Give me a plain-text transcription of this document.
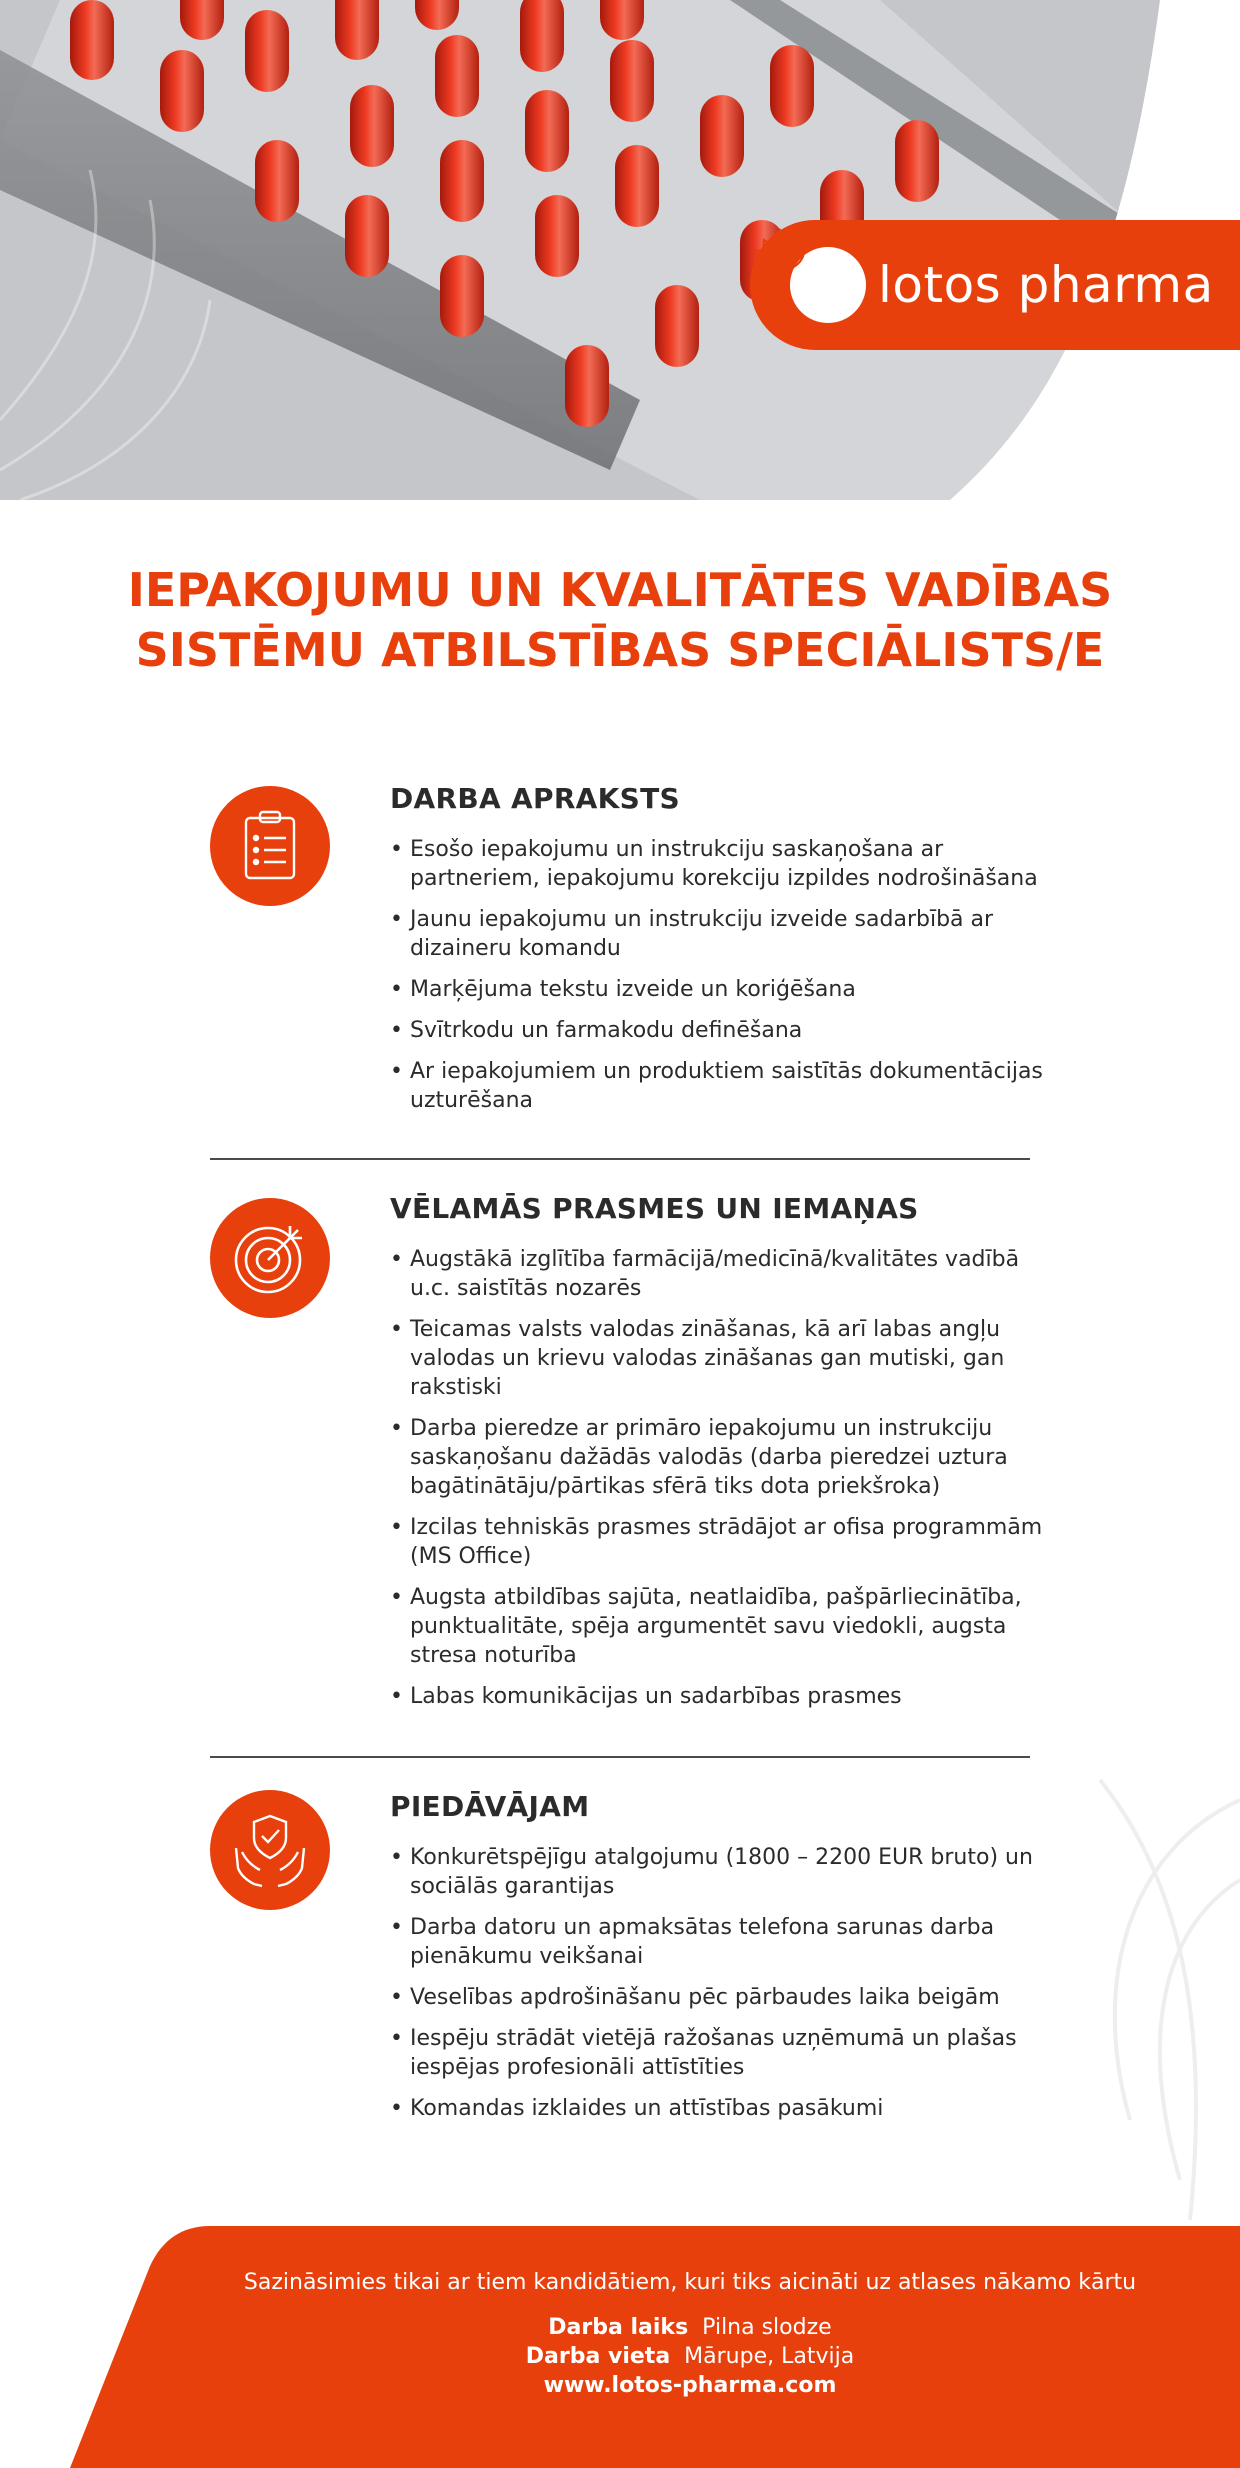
lotos pharma
IEPAKOJUMU UN KVALITĀTES VADĪBAS
SISTĒMU ATBILSTĪBAS SPECIĀLISTS/E
DARBA APRAKSTS
• Esošo iepakojumu un instrukciju saskaņošana ar partneriem, iepakojumu korekciju izpildes nodrošināšana
• Jaunu iepakojumu un instrukciju izveide sadarbībā ar dizaineru komandu
• Marķējuma tekstu izveide un koriģēšana
• Svītrkodu un farmakodu definēšana
• Ar iepakojumiem un produktiem saistītās dokumentācijas uzturēšana
VĒLAMĀS PRASMES UN IEMAŅAS
• Augstākā izglītība farmācijā/medicīnā/kvalitātes vadībā u.c. saistītās nozarēs
• Teicamas valsts valodas zināšanas, kā arī labas angļu valodas un krievu valodas zināšanas gan mutiski, gan rakstiski
• Darba pieredze ar primāro iepakojumu un instrukciju saskaņošanu dažādās valodās (darba pieredzei uztura bagātinātāju/pārtikas sfērā tiks dota priekšroka)
• Izcilas tehniskās prasmes strādājot ar ofisa programmām (MS Office)
• Augsta atbildības sajūta, neatlaidība, pašpārliecinātība, punktualitāte, spēja argumentēt savu viedokli, augsta stresa noturība
• Labas komunikācijas un sadarbības prasmes
PIEDĀVĀJAM
• Konkurētspējīgu atalgojumu (1800 – 2200 EUR bruto) un sociālās garantijas
• Darba datoru un apmaksātas telefona sarunas darba pienākumu veikšanai
• Veselības apdrošināšanu pēc pārbaudes laika beigām
• Iespēju strādāt vietējā ražošanas uzņēmumā un plašas iespējas profesionāli attīstīties
• Komandas izklaides un attīstības pasākumi
Sazināsimies tikai ar tiem kandidātiem, kuri tiks aicināti uz atlases nākamo kārtu
Darba laiks Pilna slodze
Darba vieta Mārupe, Latvija
www.lotos-pharma.com
